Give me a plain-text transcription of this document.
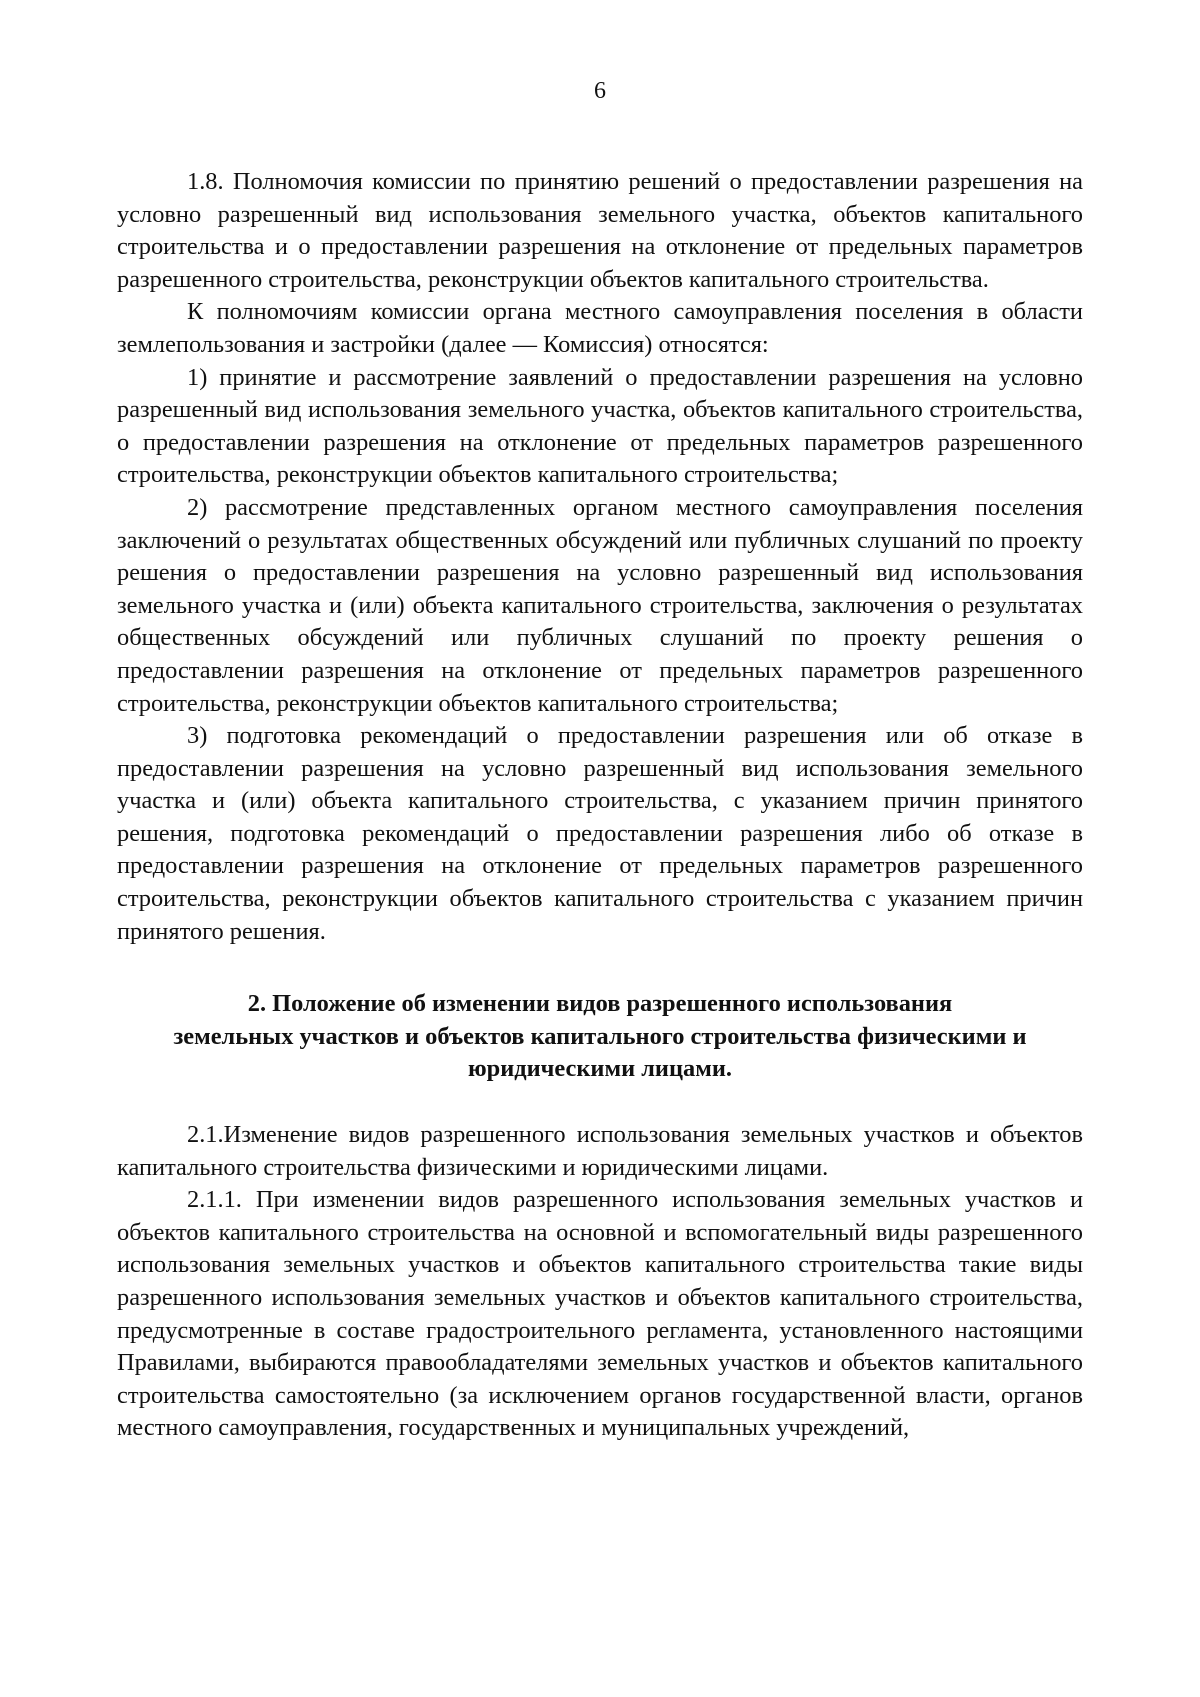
6

1.8. Полномочия комиссии по принятию решений о предоставлении разрешения на условно разрешенный вид использования земельного участка, объектов капитального строительства и о предоставлении разрешения на отклонение от предельных параметров разрешенного строительства, реконструкции объектов капитального строительства.

К полномочиям комиссии органа местного самоуправления поселения в области землепользования и застройки (далее — Комиссия) относятся:

1) принятие и рассмотрение заявлений о предоставлении разрешения на условно разрешенный вид использования земельного участка, объектов капитального строительства, о предоставлении разрешения на отклонение от предельных параметров разрешенного строительства, реконструкции объектов капитального строительства;

2) рассмотрение представленных органом местного самоуправления поселения заключений о результатах общественных обсуждений или публичных слушаний по проекту решения о предоставлении разрешения на условно разрешенный вид использования земельного участка и (или) объекта капитального строительства, заключения о результатах общественных обсуждений или публичных слушаний по проекту решения о предоставлении разрешения на отклонение от предельных параметров разрешенного строительства, реконструкции объектов капитального строительства;

3) подготовка рекомендаций о предоставлении разрешения или об отказе в предоставлении разрешения на условно разрешенный вид использования земельного участка и (или) объекта капитального строительства, с указанием причин принятого решения, подготовка рекомендаций о предоставлении разрешения либо об отказе в предоставлении разрешения на отклонение от предельных параметров разрешенного строительства, реконструкции объектов капитального строительства с указанием причин принятого решения.

2. Положение об изменении видов разрешенного использования
земельных участков и объектов капитального строительства физическими и
юридическими лицами.

2.1.Изменение видов разрешенного использования земельных участков и объектов капитального строительства физическими и юридическими лицами.

2.1.1. При изменении видов разрешенного использования земельных участков и объектов капитального строительства на основной и вспомогательный виды разрешенного использования земельных участков и объектов капитального строительства такие виды разрешенного использования земельных участков и объектов капитального строительства, предусмотренные в составе градостроительного регламента, установленного настоящими Правилами, выбираются правообладателями земельных участков и объектов капитального строительства самостоятельно (за исключением органов государственной власти, органов местного самоуправления, государственных и муниципальных учреждений,
